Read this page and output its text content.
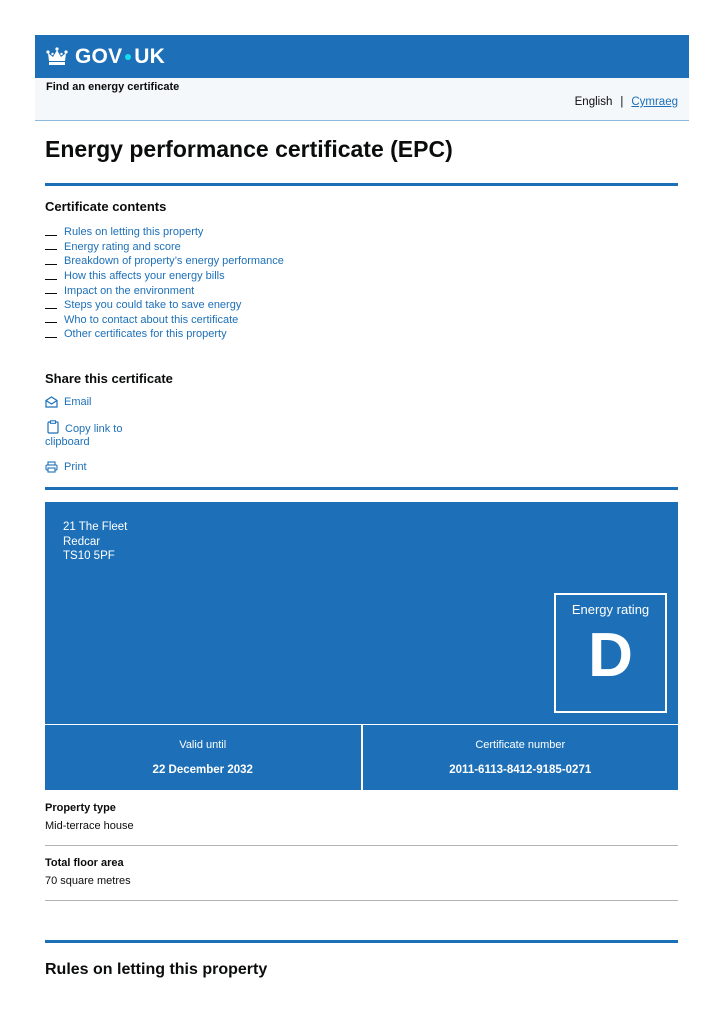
GOV UK
Find an energy certificate
English | Cymraeg
Energy performance certificate (EPC)
Certificate contents
Rules on letting this property
Energy rating and score
Breakdown of property’s energy performance
How this affects your energy bills
Impact on the environment
Steps you could take to save energy
Who to contact about this certificate
Other certificates for this property
Share this certificate
Email
Copy link to
clipboard
Print
21 The Fleet
Redcar
TS10 5PF
Energy rating
D
Valid until
22 December 2032
Certificate number
2011-6113-8412-9185-0271
Property type
Mid-terrace house
Total floor area
70 square metres
Rules on letting this property
